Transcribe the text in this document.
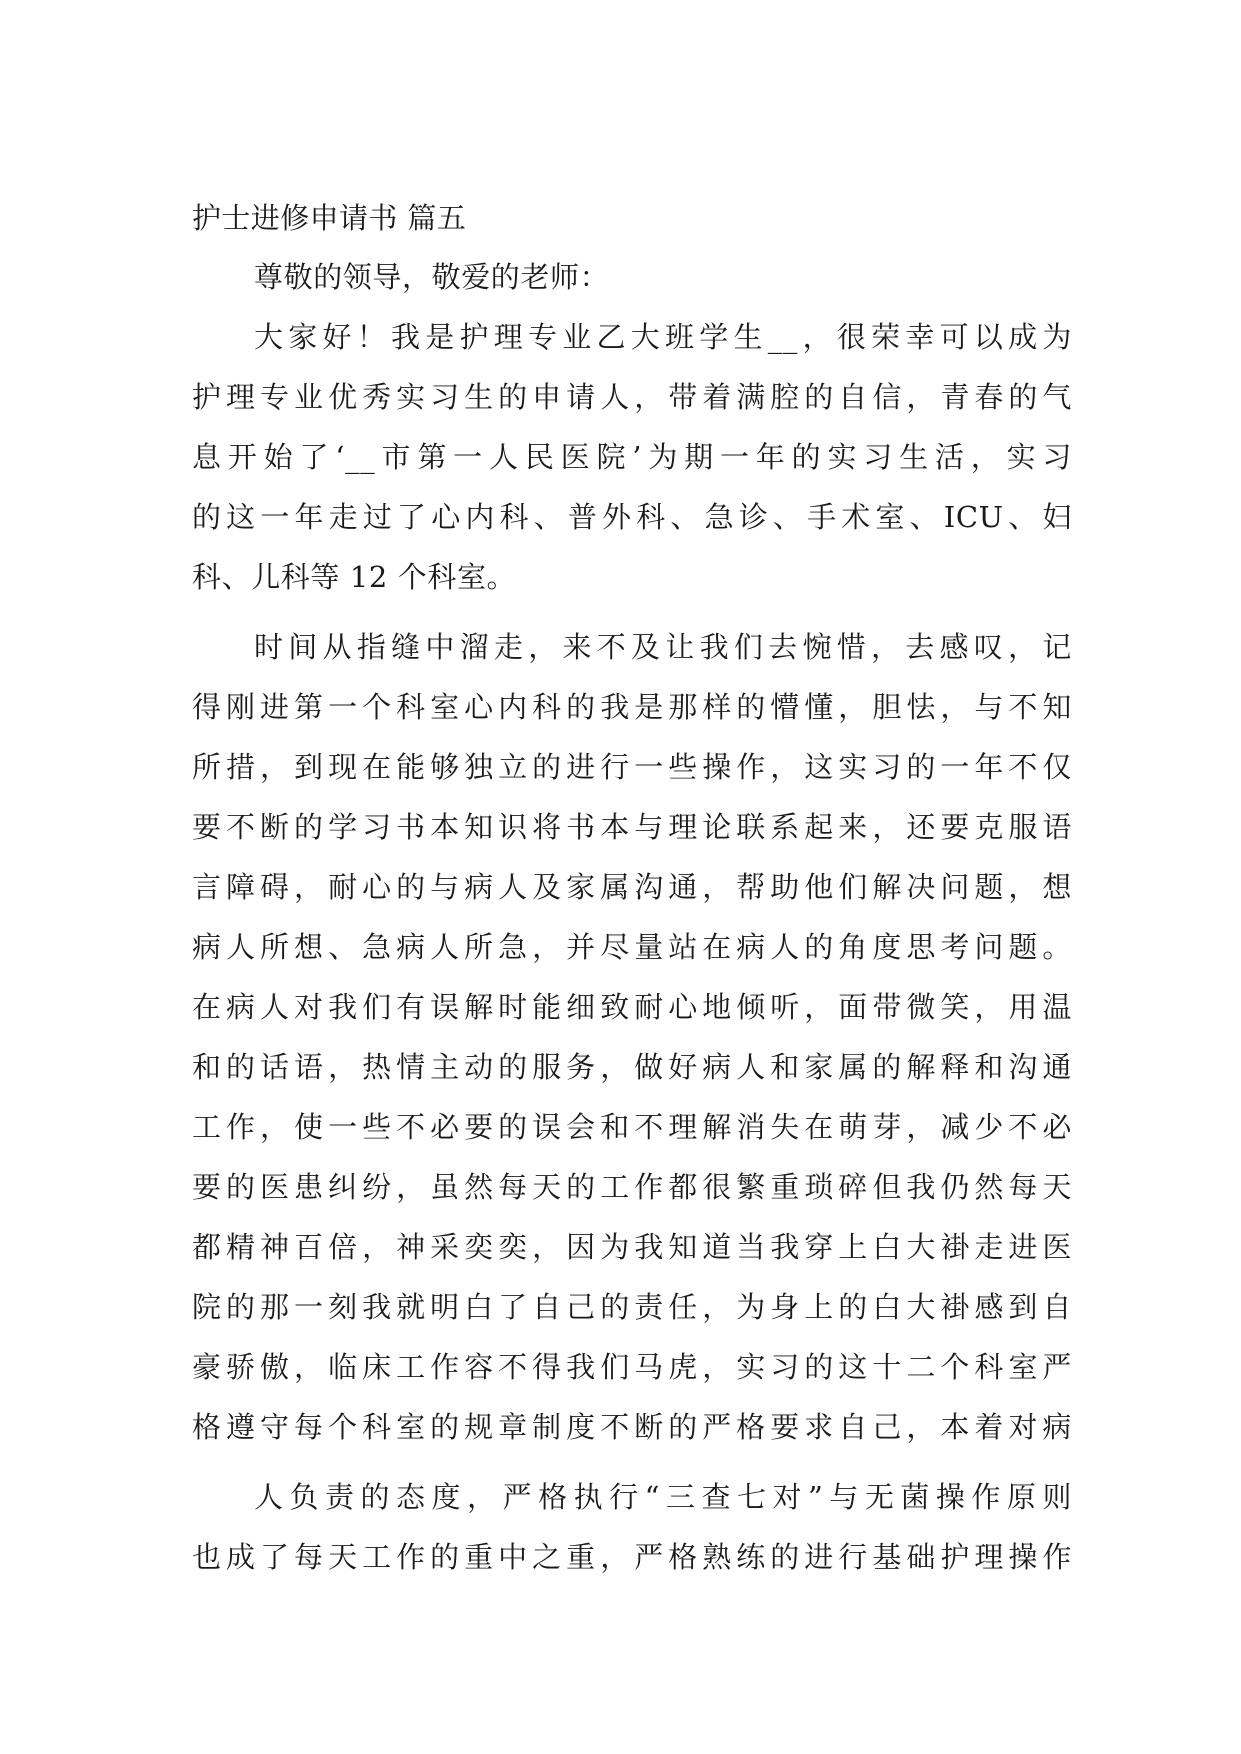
护士进修申请书 篇五
尊敬的领导，敬爱的老师：
大家好！我是护理专业乙大班学生__，很荣幸可以成为
护理专业优秀实习生的申请人，带着满腔的自信，青春的气
息开始了‘__市第一人民医院’为期一年的实习生活，实习
的这一年走过了心内科、普外科、急诊、手术室、ICU、妇
科、儿科等 12 个科室。
时间从指缝中溜走，来不及让我们去惋惜，去感叹，记
得刚进第一个科室心内科的我是那样的懵懂，胆怯，与不知
所措，到现在能够独立的进行一些操作，这实习的一年不仅
要不断的学习书本知识将书本与理论联系起来，还要克服语
言障碍，耐心的与病人及家属沟通，帮助他们解决问题，想
病人所想、急病人所急，并尽量站在病人的角度思考问题。
在病人对我们有误解时能细致耐心地倾听，面带微笑，用温
和的话语，热情主动的服务，做好病人和家属的解释和沟通
工作，使一些不必要的误会和不理解消失在萌芽，减少不必
要的医患纠纷，虽然每天的工作都很繁重琐碎但我仍然每天
都精神百倍，神采奕奕，因为我知道当我穿上白大褂走进医
院的那一刻我就明白了自己的责任，为身上的白大褂感到自
豪骄傲，临床工作容不得我们马虎，实习的这十二个科室严
格遵守每个科室的规章制度不断的严格要求自己，本着对病
人负责的态度，严格执行“三查七对”与无菌操作原则
也成了每天工作的重中之重，严格熟练的进行基础护理操作
